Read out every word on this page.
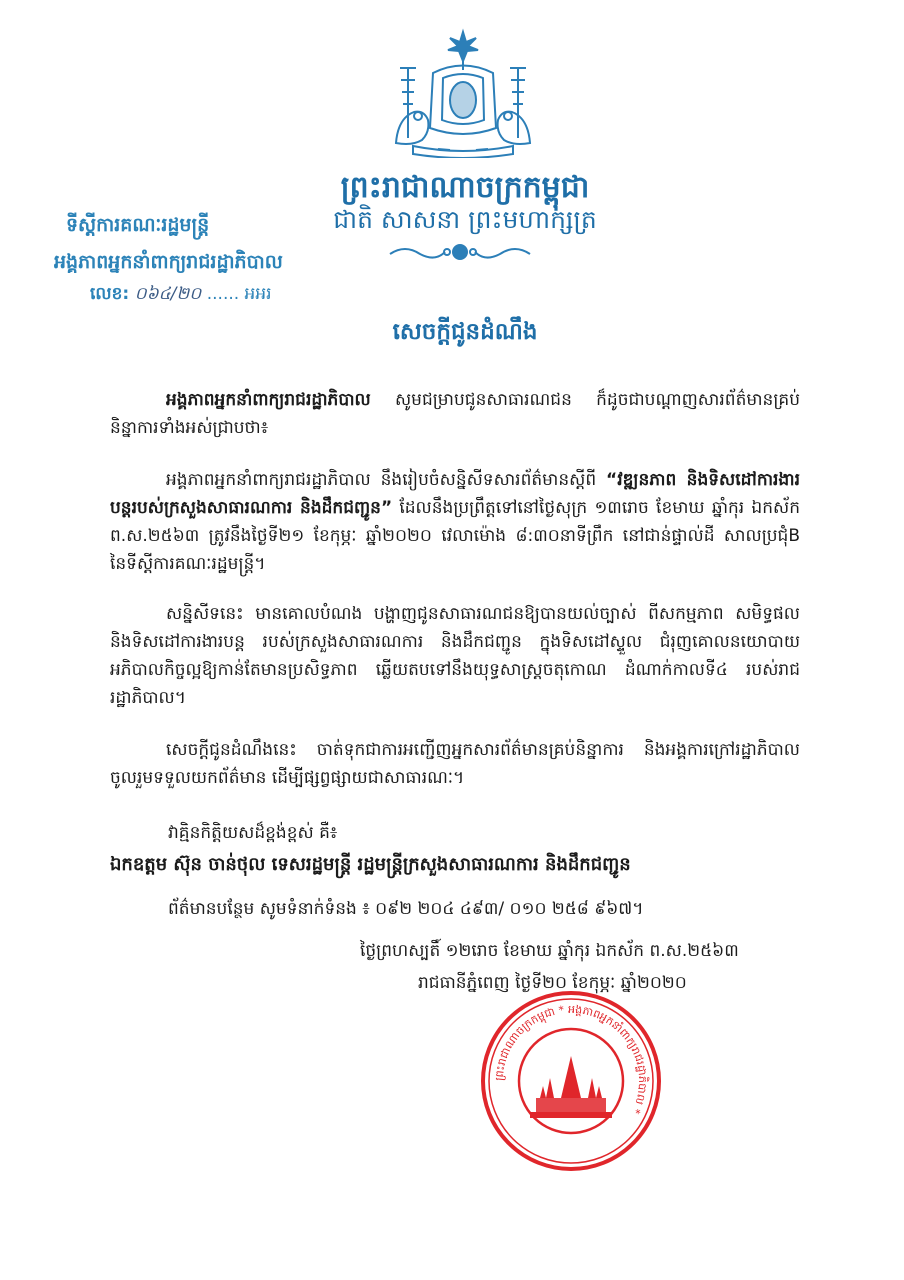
ព្រះរាជាណាចក្រកម្ពុជា
ជាតិ សាសនា ព្រះមហាក្សត្រ
ទីស្តីការគណៈរដ្ឋមន្ត្រី
អង្គភាពអ្នកនាំពាក្យរាជរដ្ឋាភិបាល
លេខ: ០៦៤/២០ ...... អអរ
សេចក្តីជូនដំណឹង

អង្គភាពអ្នកនាំពាក្យរាជរដ្ឋាភិបាល សូមជម្រាបជូនសាធារណជន ក៏ដូចជាបណ្តាញសារព័ត៌មានគ្រប់និន្នាការទាំងអស់ជ្រាបថា៖

អង្គភាពអ្នកនាំពាក្យរាជរដ្ឋាភិបាល នឹងរៀបចំសន្និសីទសារព័ត៌មានស្តីពី “វឌ្ឍនភាព និងទិសដៅការងារបន្តរបស់ក្រសួងសាធារណការ និងដឹកជញ្ជូន” ដែលនឹងប្រព្រឹត្តទៅនៅថ្ងៃសុក្រ ១៣រោច ខែមាឃ ឆ្នាំកុរ ឯកស័ក ព.ស.២៥៦៣ ត្រូវនឹងថ្ងៃទី២១ ខែកុម្ភៈ ឆ្នាំ២០២០ វេលាម៉ោង ៨:៣០នាទីព្រឹក នៅជាន់ផ្ទាល់ដី សាលប្រជុំB នៃទីស្តីការគណៈរដ្ឋមន្ត្រី។

សន្និសីទនេះ មានគោលបំណង បង្ហាញជូនសាធារណជនឱ្យបានយល់ច្បាស់ ពីសកម្មភាព សមិទ្ធផល និងទិសដៅការងារបន្ត របស់ក្រសួងសាធារណការ និងដឹកជញ្ជូន ក្នុងទិសដៅស្ទួល ជំរុញគោលនយោបាយអភិបាលកិច្ចល្អឱ្យកាន់តែមានប្រសិទ្ធភាព ឆ្លើយតបទៅនឹងយុទ្ធសាស្ត្រចតុកោណ ដំណាក់កាលទី៤ របស់រាជរដ្ឋាភិបាល។

សេចក្តីជូនដំណឹងនេះ ចាត់ទុកជាការអញ្ជើញអ្នកសារព័ត៌មានគ្រប់និន្នាការ និងអង្គការក្រៅរដ្ឋាភិបាល ចូលរួមទទួលយកព័ត៌មាន ដើម្បីផ្សព្វផ្សាយជាសាធារណៈ។

វាគ្មិនកិត្តិយសដ៏ខ្ពង់ខ្ពស់ គឺ៖
ឯកឧត្តម ស៊ុន ចាន់ថុល ទេសរដ្ឋមន្ត្រី រដ្ឋមន្ត្រីក្រសួងសាធារណការ និងដឹកជញ្ជូន
ព័ត៌មានបន្ថែម សូមទំនាក់ទំនង ៖ ០៩២ ២០៤ ៤៩៣/ ០១០ ២៥៨ ៩៦៧។
ថ្ងៃព្រហស្បតិ៍ ១២រោច ខែមាឃ ឆ្នាំកុរ ឯកស័ក ព.ស.២៥៦៣
រាជធានីភ្នំពេញ ថ្ងៃទី២០ ខែកុម្ភៈ ឆ្នាំ២០២០
ព្រះរាជាណាចក្រកម្ពុជា * អង្គភាពអ្នកនាំពាក្យរាជរដ្ឋាភិបាល *
